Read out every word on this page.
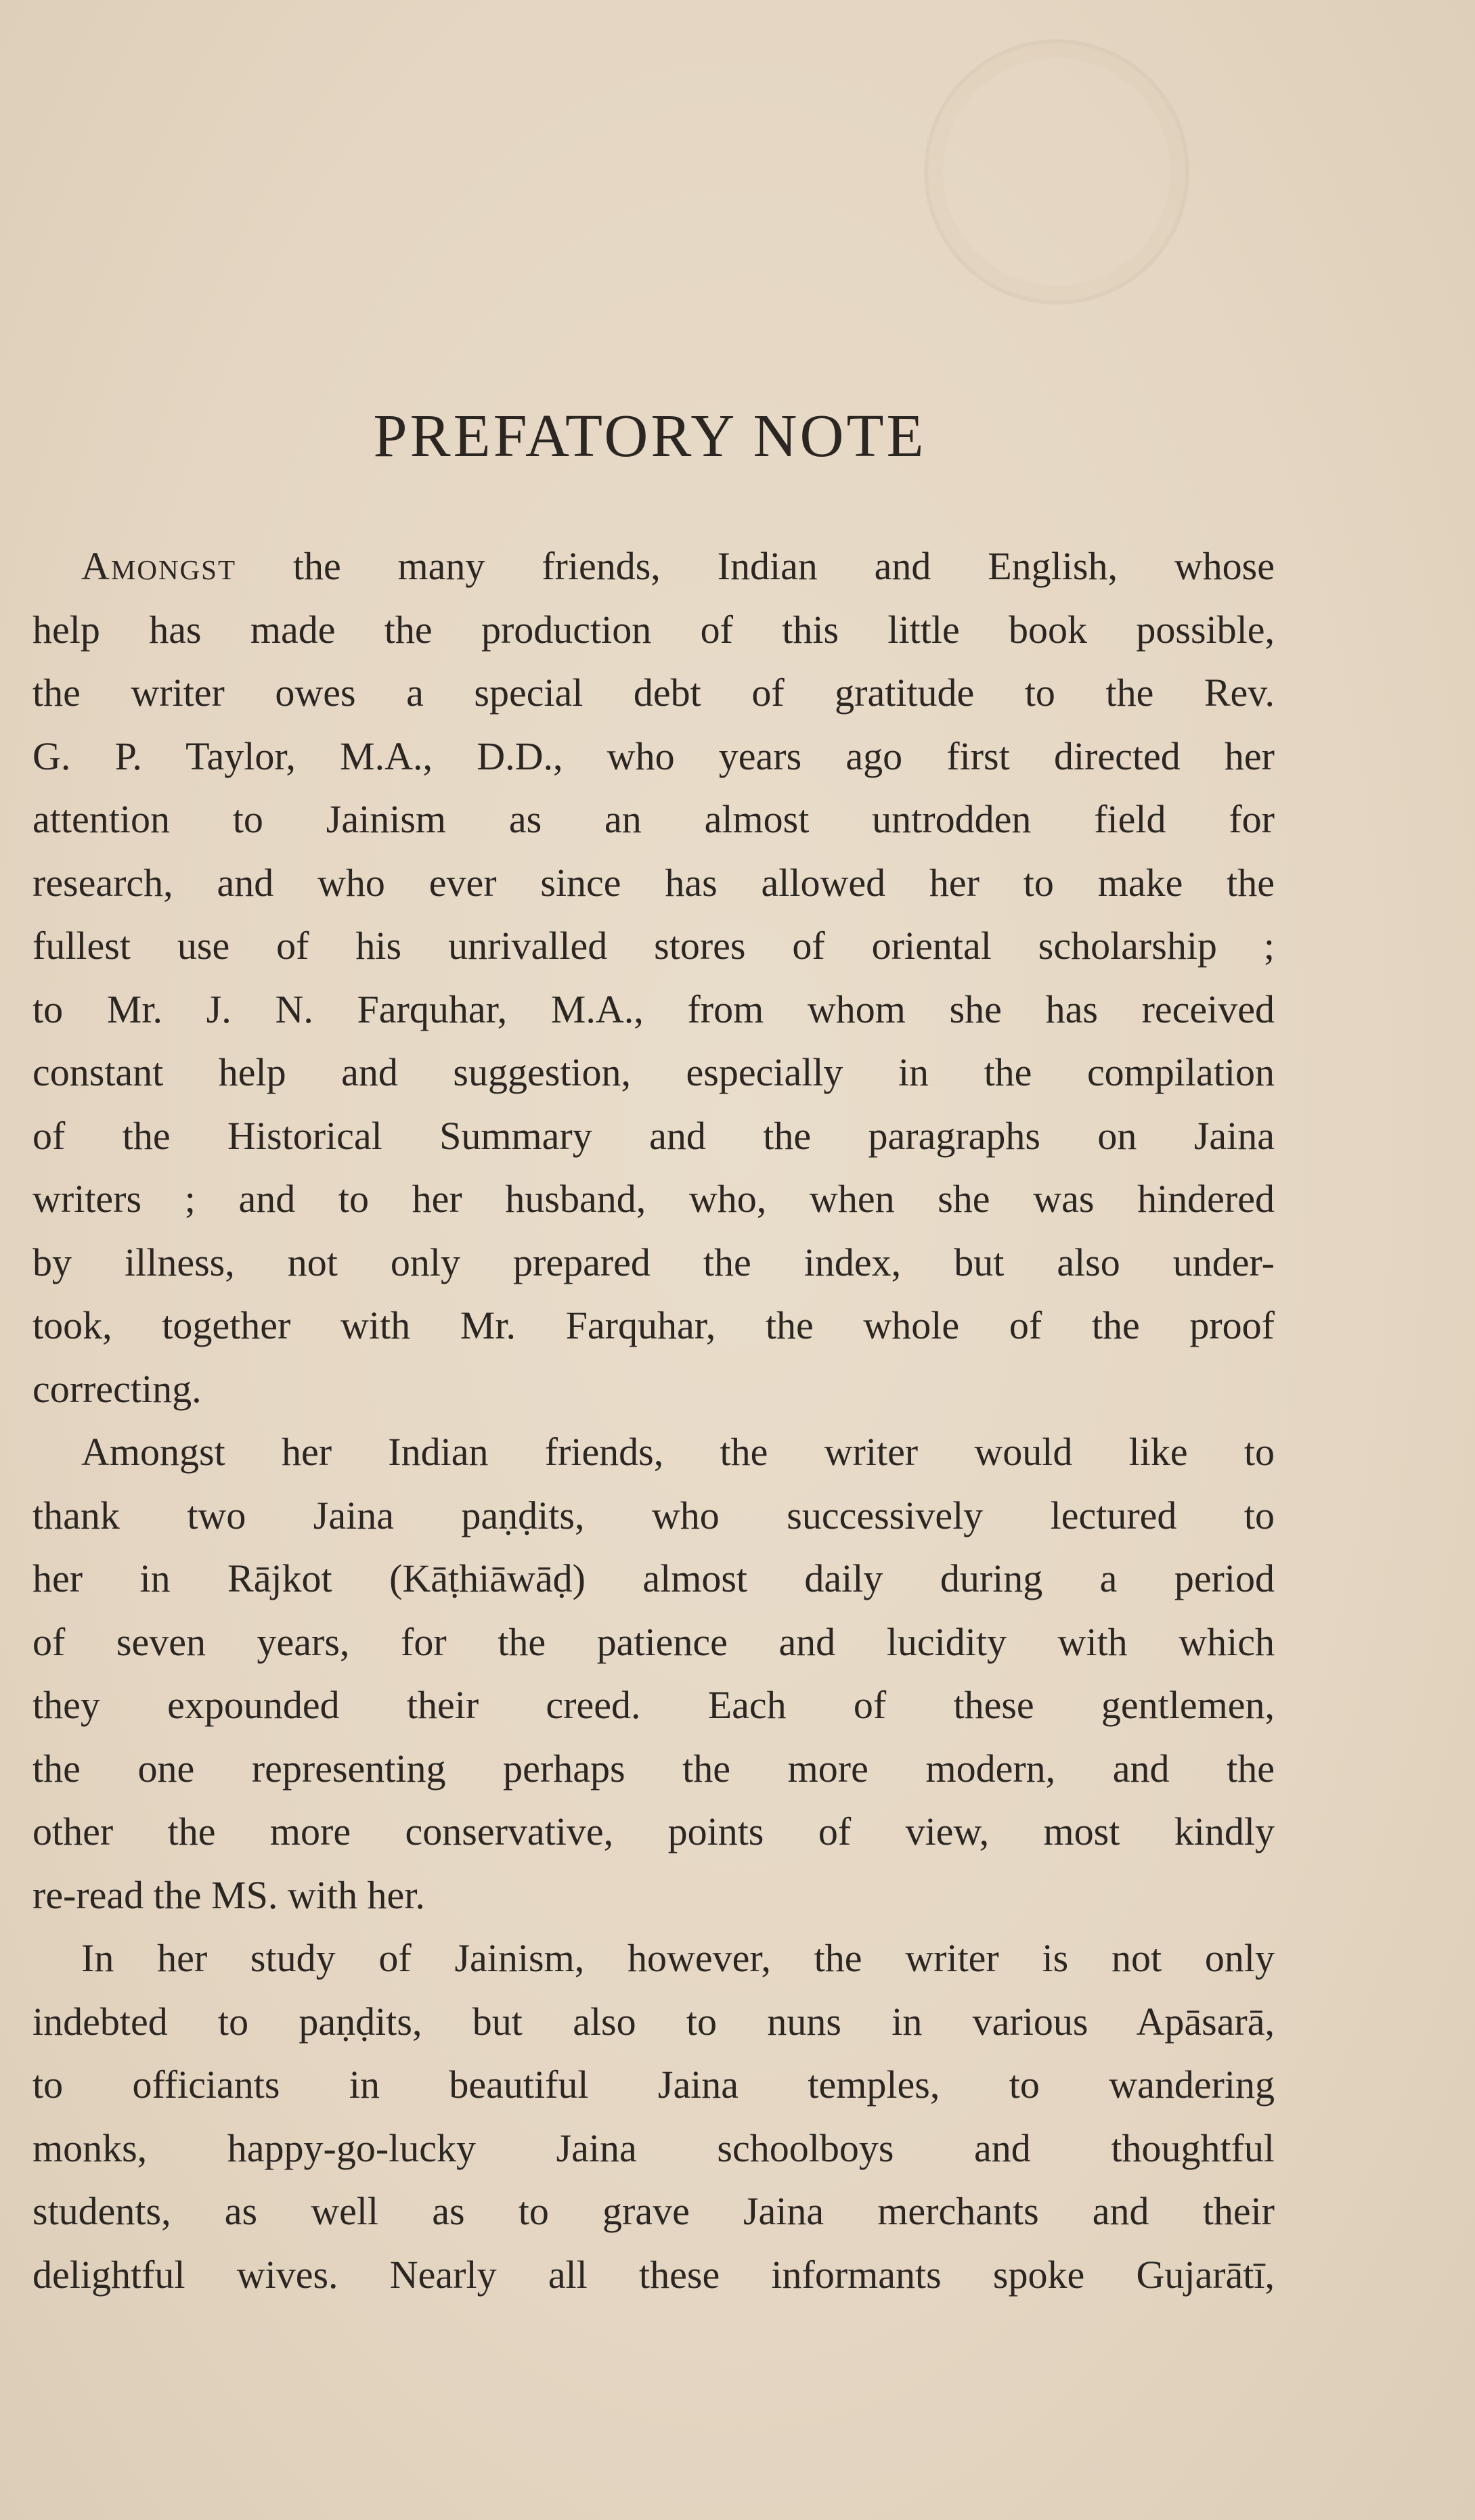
PREFATORY NOTE
Amongst the many friends, Indian and English, whose
help has made the production of this little book possible,
the writer owes a special debt of gratitude to the Rev.
G. P. Taylor, M.A., D.D., who years ago first directed her
attention to Jainism as an almost untrodden field for
research, and who ever since has allowed her to make the
fullest use of his unrivalled stores of oriental scholarship ;
to Mr. J. N. Farquhar, M.A., from whom she has received
constant help and suggestion, especially in the compilation
of the Historical Summary and the paragraphs on Jaina
writers ; and to her husband, who, when she was hindered
by illness, not only prepared the index, but also under-
took, together with Mr. Farquhar, the whole of the proof
correcting.
Amongst her Indian friends, the writer would like to
thank two Jaina paṇḍits, who successively lectured to
her in Rājkot (Kāṭhiāwāḍ) almost daily during a period
of seven years, for the patience and lucidity with which
they expounded their creed. Each of these gentlemen,
the one representing perhaps the more modern, and the
other the more conservative, points of view, most kindly
re-read the MS. with her.
In her study of Jainism, however, the writer is not only
indebted to paṇḍits, but also to nuns in various Apāsarā,
to officiants in beautiful Jaina temples, to wandering
monks, happy-go-lucky Jaina schoolboys and thoughtful
students, as well as to grave Jaina merchants and their
delightful wives. Nearly all these informants spoke Gujarātī,
